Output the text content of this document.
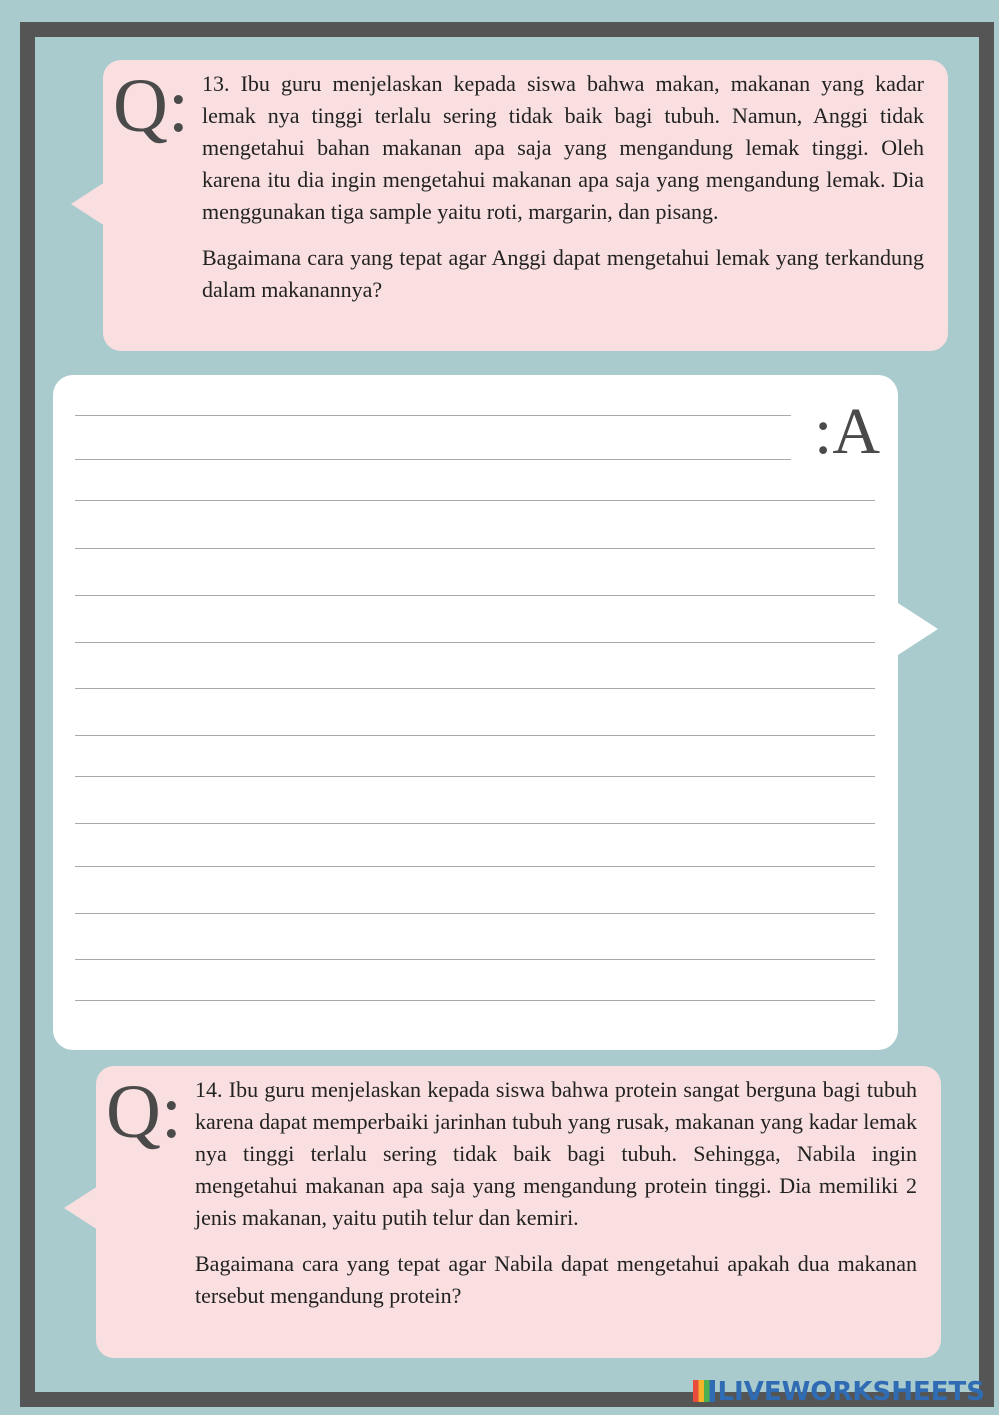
Q: 13. Ibu guru menjelaskan kepada siswa bahwa makan, makanan yang kadar lemak nya tinggi terlalu sering tidak baik bagi tubuh. Namun, Anggi tidak mengetahui bahan makanan apa saja yang mengandung lemak tinggi. Oleh karena itu dia ingin mengetahui makanan apa saja yang mengandung lemak. Dia menggunakan tiga sample yaitu roti, margarin, dan pisang.

Bagaimana cara yang tepat agar Anggi dapat mengetahui lemak yang terkandung dalam makanannya?

:A
Q: 14. Ibu guru menjelaskan kepada siswa bahwa protein sangat berguna bagi tubuh karena dapat memperbaiki jarinhan tubuh yang rusak, makanan yang kadar lemak nya tinggi terlalu sering tidak baik bagi tubuh. Sehingga, Nabila ingin mengetahui makanan apa saja yang mengandung protein tinggi. Dia memiliki 2 jenis makanan, yaitu putih telur dan kemiri.

Bagaimana cara yang tepat agar Nabila dapat mengetahui apakah dua makanan tersebut mengandung protein?

LIVEWORKSHEETS
